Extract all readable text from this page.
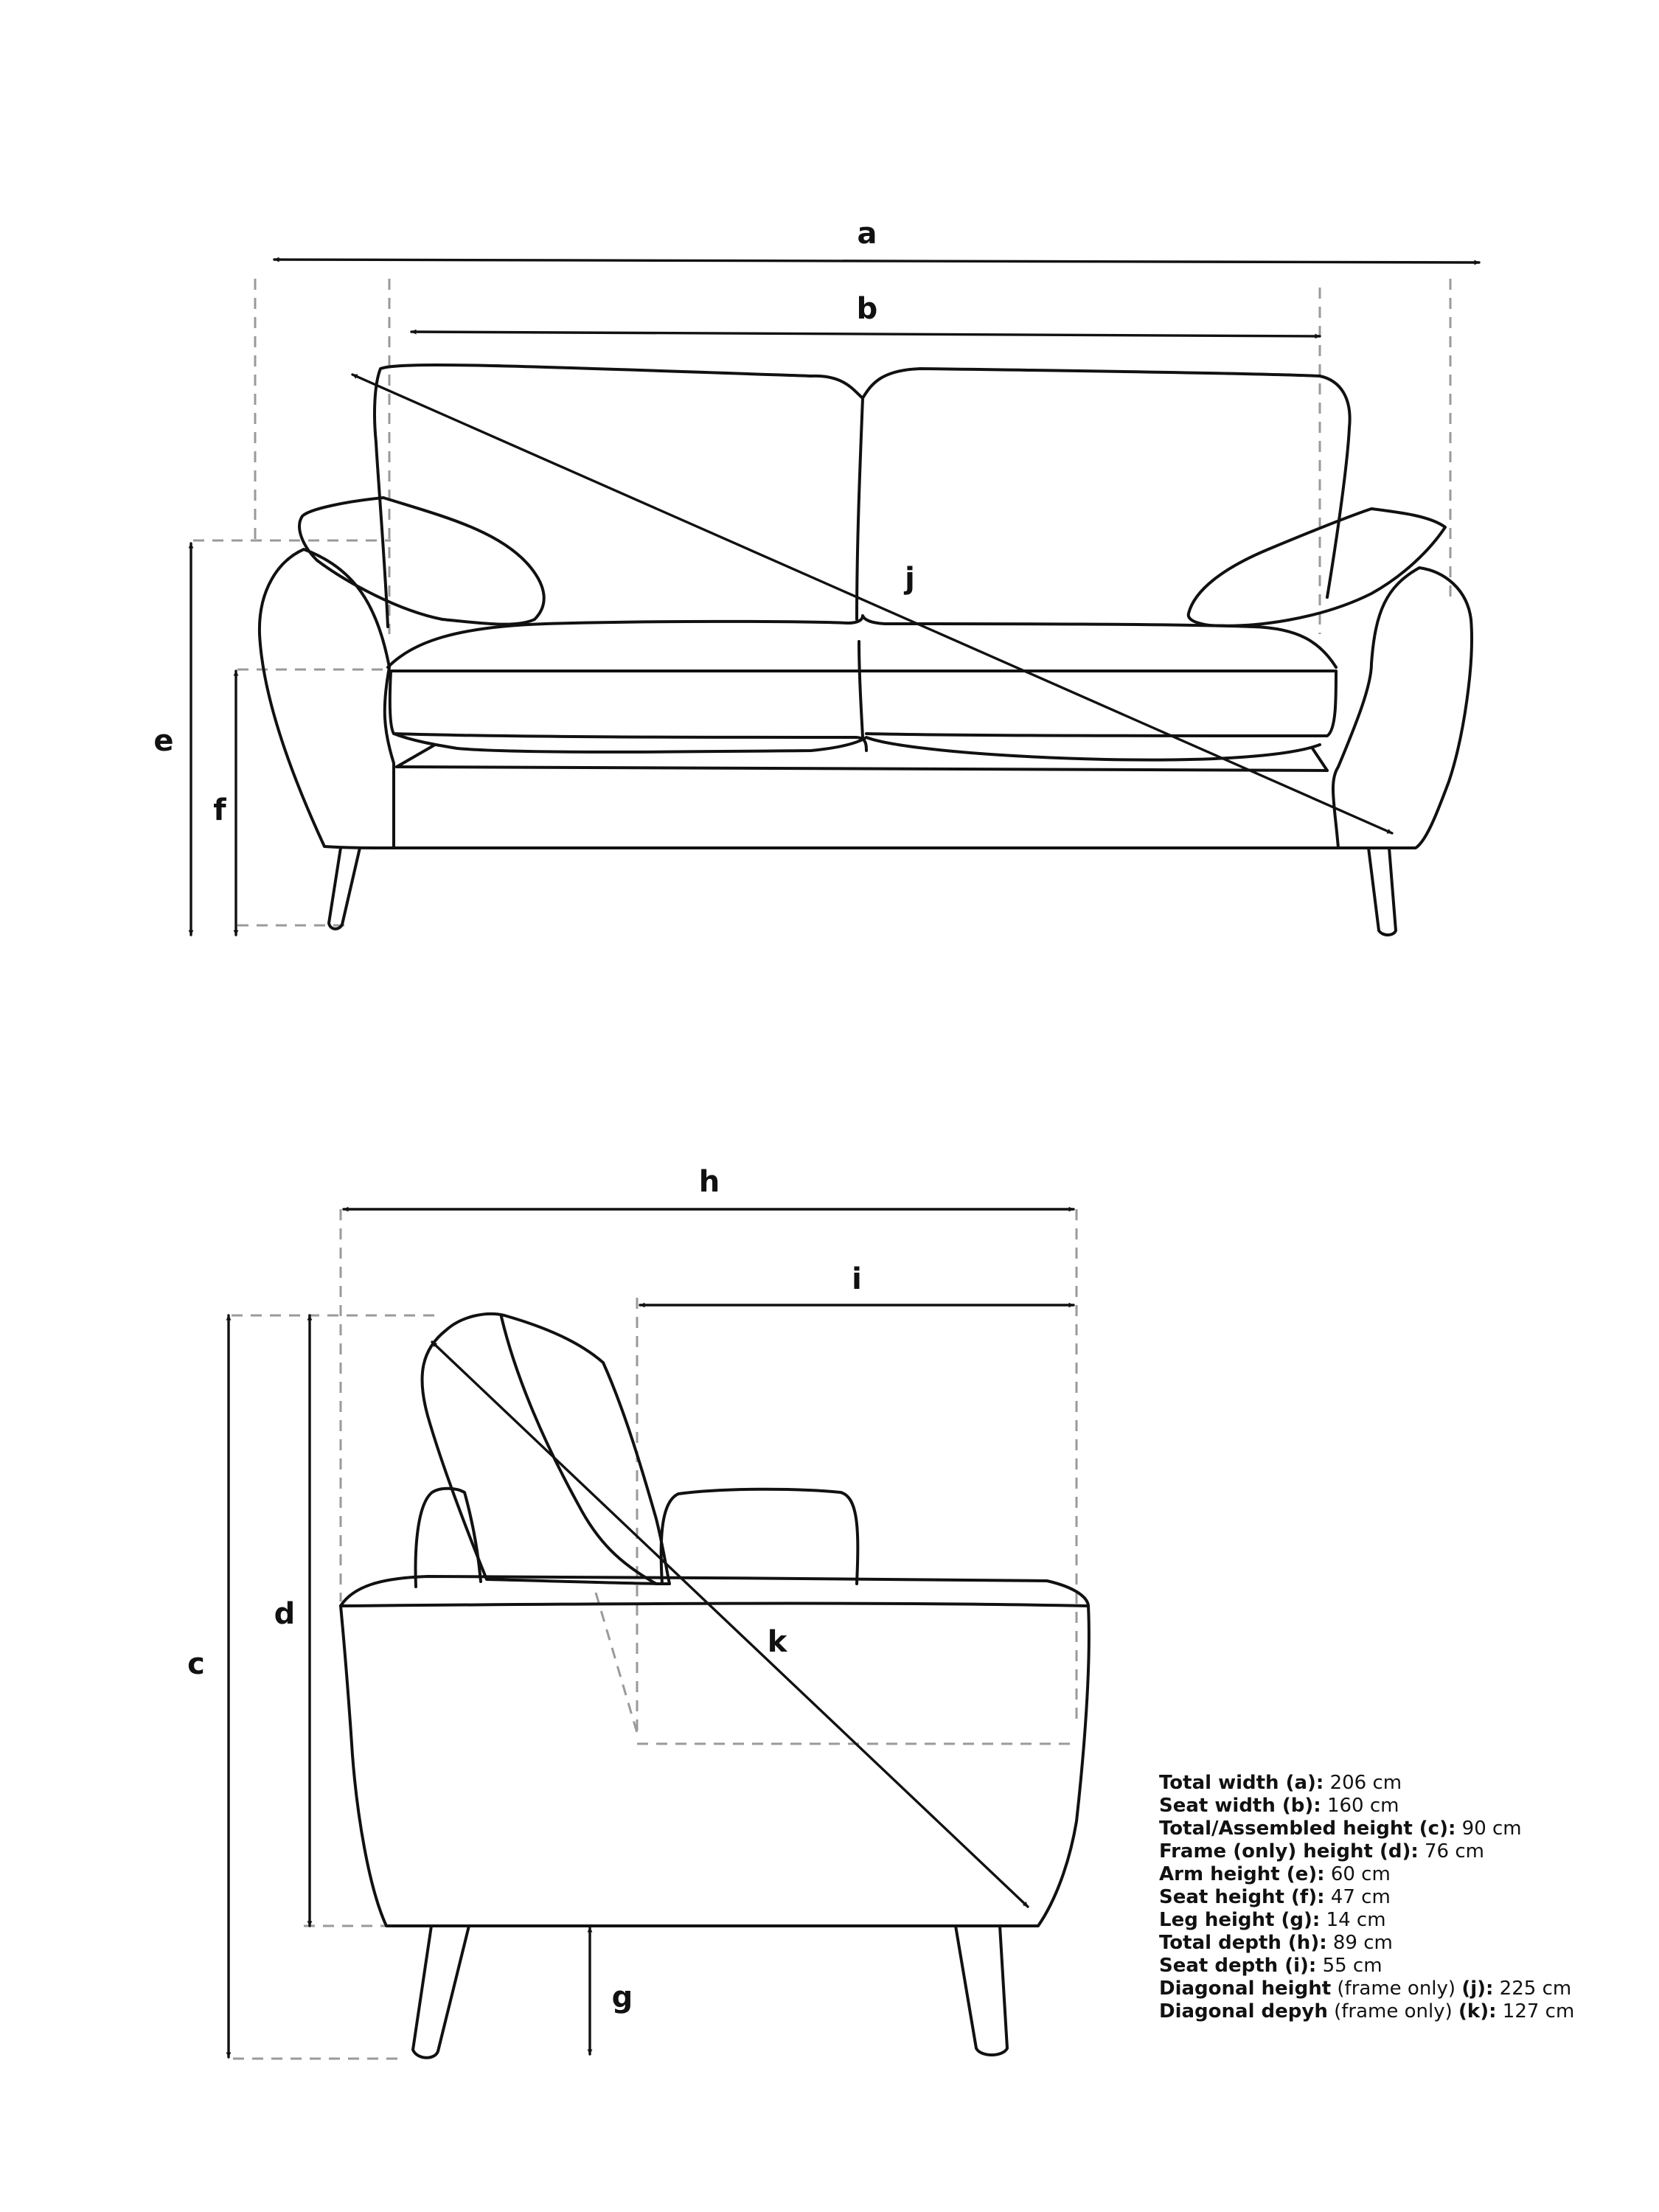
a
b
j
e
f
h
i
k
c
d
g
Total width (a): 206 cm
Seat width (b): 160 cm
Total/Assembled height (c): 90 cm
Frame (only) height (d): 76 cm
Arm height (e): 60 cm
Seat height (f): 47 cm
Leg height (g): 14 cm
Total depth (h): 89 cm
Seat depth (i): 55 cm
Diagonal height (frame only) (j): 225 cm
Diagonal depyh (frame only) (k): 127 cm
